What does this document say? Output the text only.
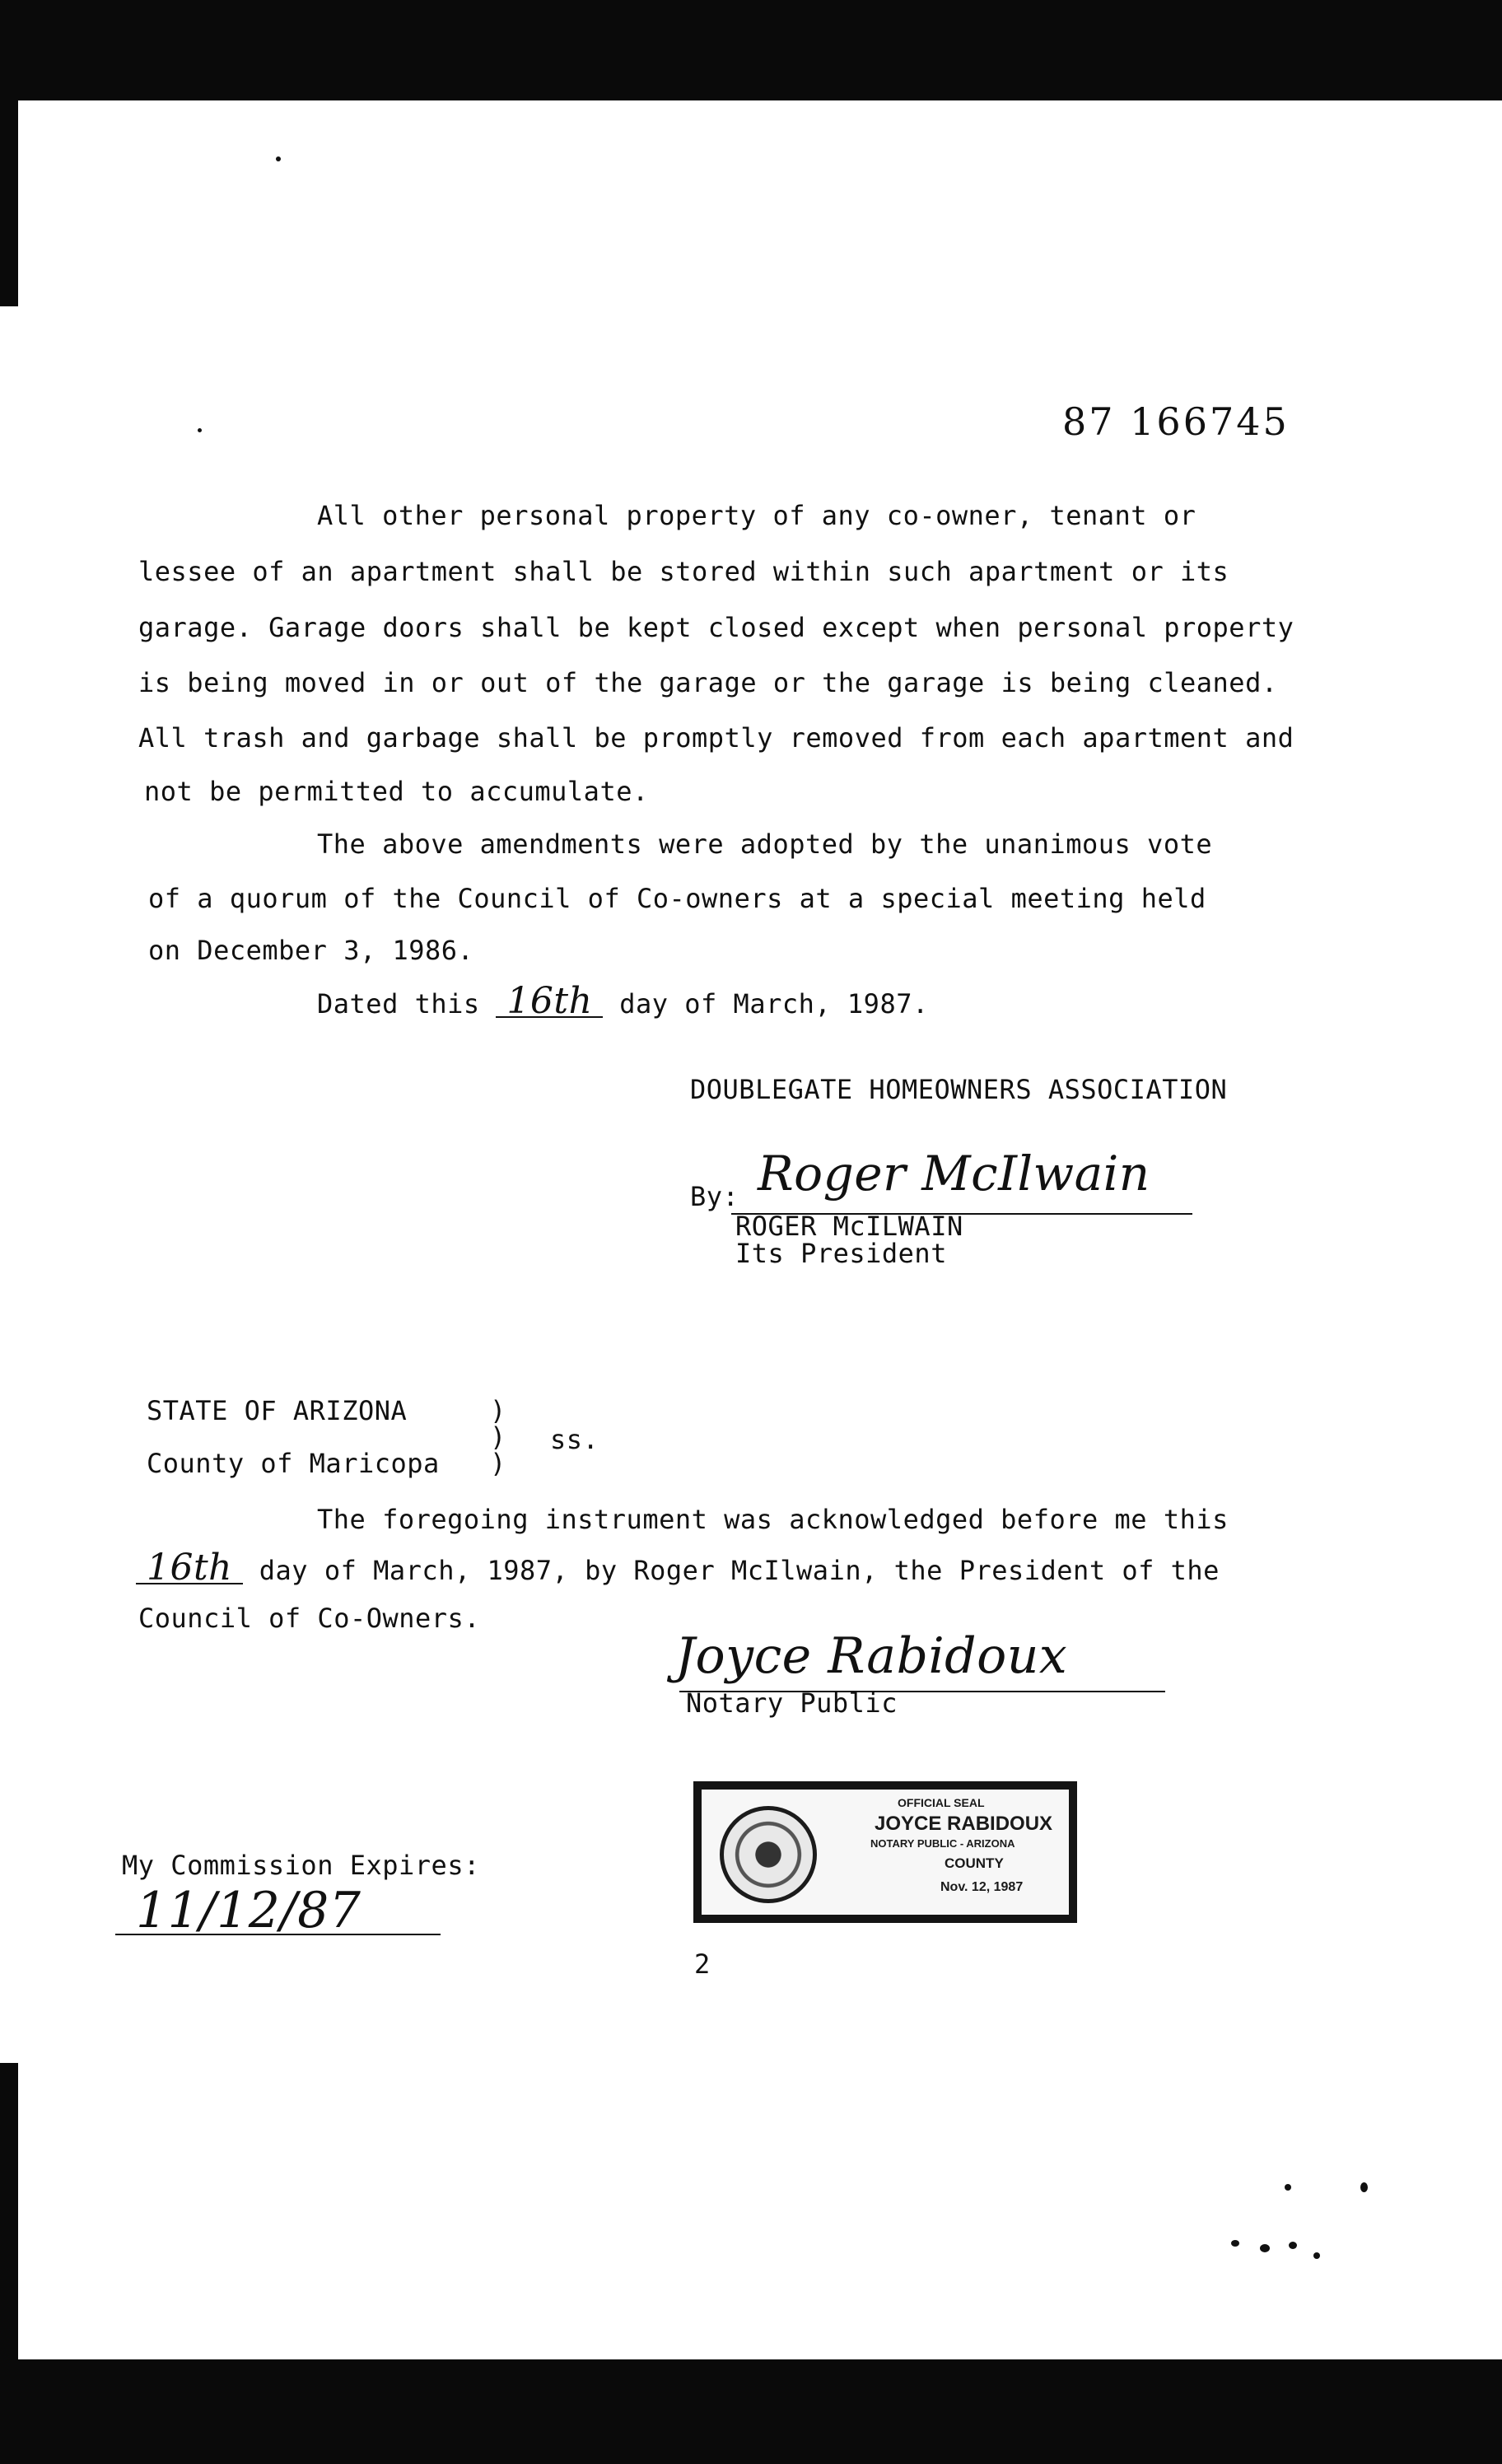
87 166745
All other personal property of any co-owner, tenant or
lessee of an apartment shall be stored within such apartment or its
garage. Garage doors shall be kept closed except when personal property
is being moved in or out of the garage or the garage is being cleaned.
All trash and garbage shall be promptly removed from each apartment and
not be permitted to accumulate.
The above amendments were adopted by the unanimous vote
of a quorum of the Council of Co-owners at a special meeting held
on December 3, 1986.
Dated this 16th day of March, 1987.
DOUBLEGATE HOMEOWNERS ASSOCIATION
By: Roger McIlwain
ROGER McILWAIN
Its President
STATE OF ARIZONA
County of Maricopa
)
)
)
ss.
The foregoing instrument was acknowledged before me this
16th day of March, 1987, by Roger McIlwain, the President of the
Council of Co-Owners.
Joyce Rabidoux
Notary Public
My Commission Expires:
11/12/87
OFFICIAL SEAL
JOYCE RABIDOUX
NOTARY PUBLIC - ARIZONA
COUNTY
Nov. 12, 1987
2
